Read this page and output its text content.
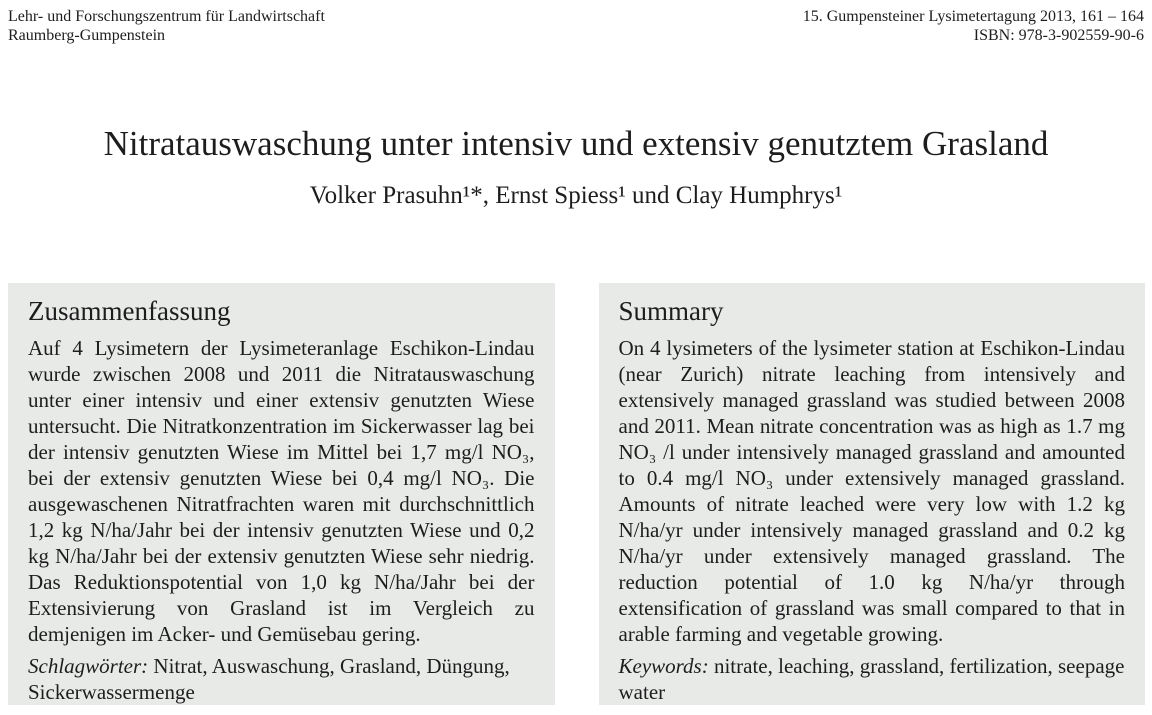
Lehr- und Forschungszentrum für Landwirtschaft
Raumberg-Gumpenstein
15. Gumpensteiner Lysimetertagung 2013, 161 – 164
ISBN: 978-3-902559-90-6
Nitratauswaschung unter intensiv und extensiv genutztem Grasland
Volker Prasuhn¹*, Ernst Spiess¹ und Clay Humphrys¹
Zusammenfassung

Auf 4 Lysimetern der Lysimeteranlage Eschikon-Lindau wurde zwischen 2008 und 2011 die Nitratauswaschung unter einer intensiv und einer extensiv genutzten Wiese untersucht. Die Nitratkonzentration im Sickerwasser lag bei der intensiv genutzten Wiese im Mittel bei 1,7 mg/l NO₃, bei der extensiv genutzten Wiese bei 0,4 mg/l NO₃. Die ausgewaschenen Nitratfrachten waren mit durchschnittlich 1,2 kg N/ha/Jahr bei der intensiv genutzten Wiese und 0,2 kg N/ha/Jahr bei der extensiv genutzten Wiese sehr niedrig. Das Reduktionspotential von 1,0 kg N/ha/Jahr bei der Extensivierung von Grasland ist im Vergleich zu demjenigen im Acker- und Gemüsebau gering.

Schlagwörter: Nitrat, Auswaschung, Grasland, Düngung, Sickerwassermenge

Summary

On 4 lysimeters of the lysimeter station at Eschikon-Lindau (near Zurich) nitrate leaching from intensively and extensively managed grassland was studied between 2008 and 2011. Mean nitrate concentration was as high as 1.7 mg NO₃ /l under intensively managed grassland and amounted to 0.4 mg/l NO₃ under extensively managed grassland. Amounts of nitrate leached were very low with 1.2 kg N/ha/yr under intensively managed grassland and 0.2 kg N/ha/yr under extensively managed grassland. The reduction potential of 1.0 kg N/ha/yr through extensification of grassland was small compared to that in arable farming and vegetable growing.

Keywords: nitrate, leaching, grassland, fertilization, seepage water
